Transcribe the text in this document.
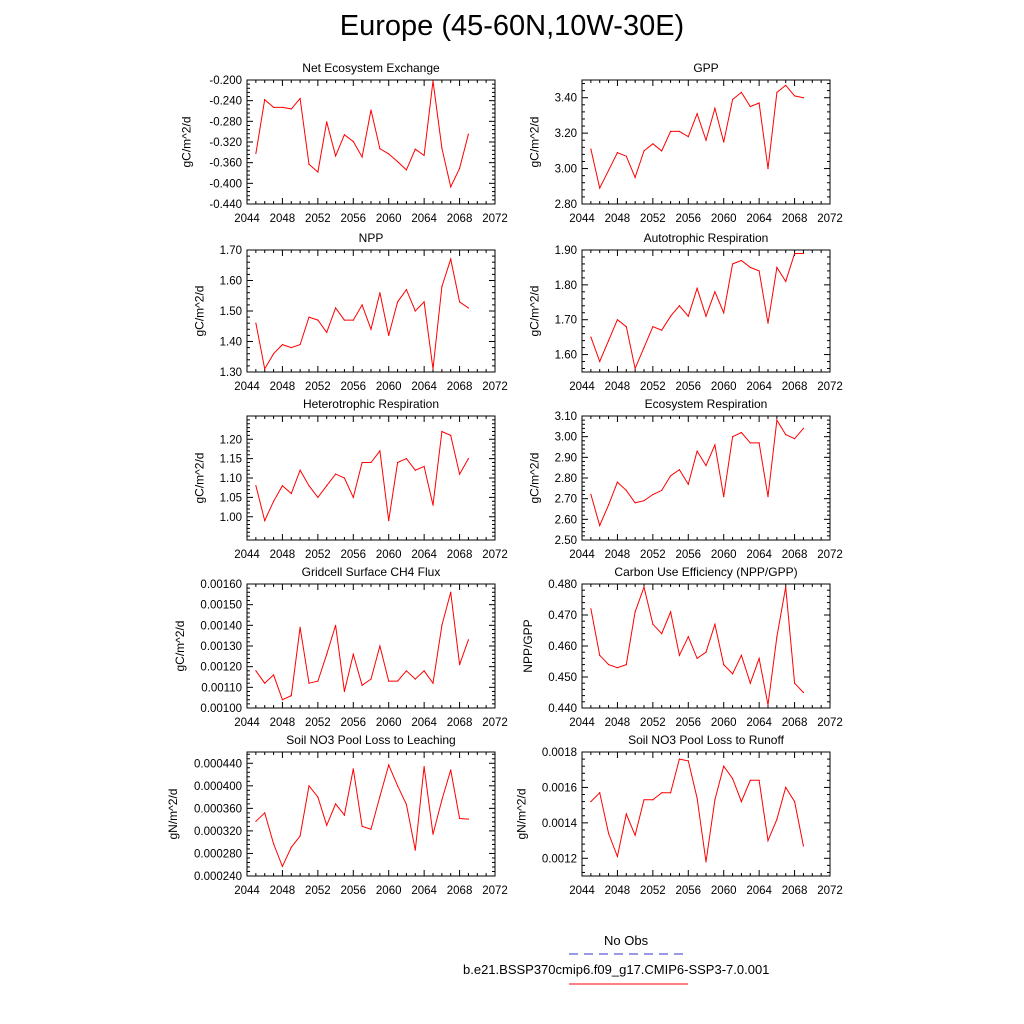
Europe (45-60N,10W-30E)
Net Ecosystem Exchange
2044 2048 2052 2056 2060 2064 2068 2072
-0.200
-0.240
-0.280
-0.320
-0.360
-0.400
-0.440
gC/m^2/d
GPP
2044 2048 2052 2056 2060 2064 2068 2072
3.40
3.20
3.00
2.80
gC/m^2/d
NPP
2044 2048 2052 2056 2060 2064 2068 2072
1.70
1.60
1.50
1.40
1.30
gC/m^2/d
Autotrophic Respiration
2044 2048 2052 2056 2060 2064 2068 2072
1.90
1.80
1.70
1.60
gC/m^2/d
Heterotrophic Respiration
2044 2048 2052 2056 2060 2064 2068 2072
1.20
1.15
1.10
1.05
1.00
gC/m^2/d
Ecosystem Respiration
2044 2048 2052 2056 2060 2064 2068 2072
3.10
3.00
2.90
2.80
2.70
2.60
2.50
gC/m^2/d
Gridcell Surface CH4 Flux
2044 2048 2052 2056 2060 2064 2068 2072
0.00160
0.00150
0.00140
0.00130
0.00120
0.00110
0.00100
gC/m^2/d
Carbon Use Efficiency (NPP/GPP)
2044 2048 2052 2056 2060 2064 2068 2072
0.480
0.470
0.460
0.450
0.440
NPP/GPP
Soil NO3 Pool Loss to Leaching
2044 2048 2052 2056 2060 2064 2068 2072
0.000440
0.000400
0.000360
0.000320
0.000280
0.000240
gN/m^2/d
Soil NO3 Pool Loss to Runoff
2044 2048 2052 2056 2060 2064 2068 2072
0.0018
0.0016
0.0014
0.0012
gN/m^2/d
No Obs
b.e21.BSSP370cmip6.f09_g17.CMIP6-SSP3-7.0.001
